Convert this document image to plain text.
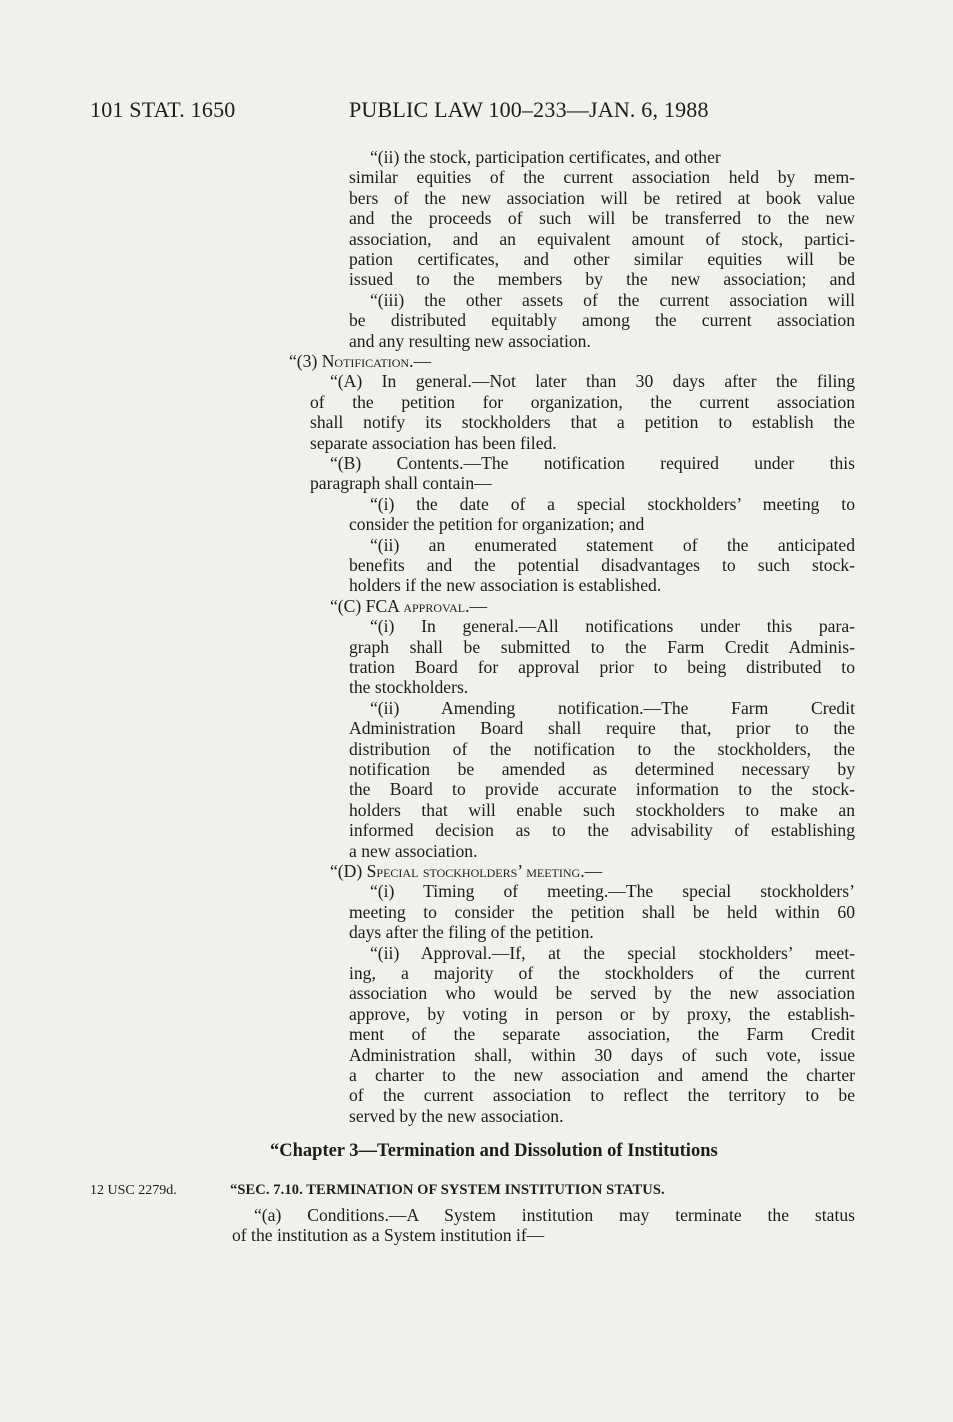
101 STAT. 1650	PUBLIC LAW 100–233—JAN. 6, 1988
“(ii) the stock, participation certificates, and other
similar equities of the current association held by mem-
bers of the new association will be retired at book value
and the proceeds of such will be transferred to the new
association, and an equivalent amount of stock, partici-
pation certificates, and other similar equities will be
issued to the members by the new association; and
“(iii) the other assets of the current association will
be distributed equitably among the current association
and any resulting new association.
“(3) Notification.—
“(A) In general.—Not later than 30 days after the filing
of the petition for organization, the current association
shall notify its stockholders that a petition to establish the
separate association has been filed.
“(B) Contents.—The notification required under this
paragraph shall contain—
“(i) the date of a special stockholders’ meeting to
consider the petition for organization; and
“(ii) an enumerated statement of the anticipated
benefits and the potential disadvantages to such stock-
holders if the new association is established.
“(C) FCA approval.—
“(i) In general.—All notifications under this para-
graph shall be submitted to the Farm Credit Adminis-
tration Board for approval prior to being distributed to
the stockholders.
“(ii) Amending notification.—The Farm Credit
Administration Board shall require that, prior to the
distribution of the notification to the stockholders, the
notification be amended as determined necessary by
the Board to provide accurate information to the stock-
holders that will enable such stockholders to make an
informed decision as to the advisability of establishing
a new association.
“(D) Special stockholders’ meeting.—
“(i) Timing of meeting.—The special stockholders’
meeting to consider the petition shall be held within 60
days after the filing of the petition.
“(ii) Approval.—If, at the special stockholders’ meet-
ing, a majority of the stockholders of the current
association who would be served by the new association
approve, by voting in person or by proxy, the establish-
ment of the separate association, the Farm Credit
Administration shall, within 30 days of such vote, issue
a charter to the new association and amend the charter
of the current association to reflect the territory to be
served by the new association.
“Chapter 3—Termination and Dissolution of Institutions
12 USC 2279d.	“SEC. 7.10. TERMINATION OF SYSTEM INSTITUTION STATUS.
“(a) Conditions.—A System institution may terminate the status
of the institution as a System institution if—
